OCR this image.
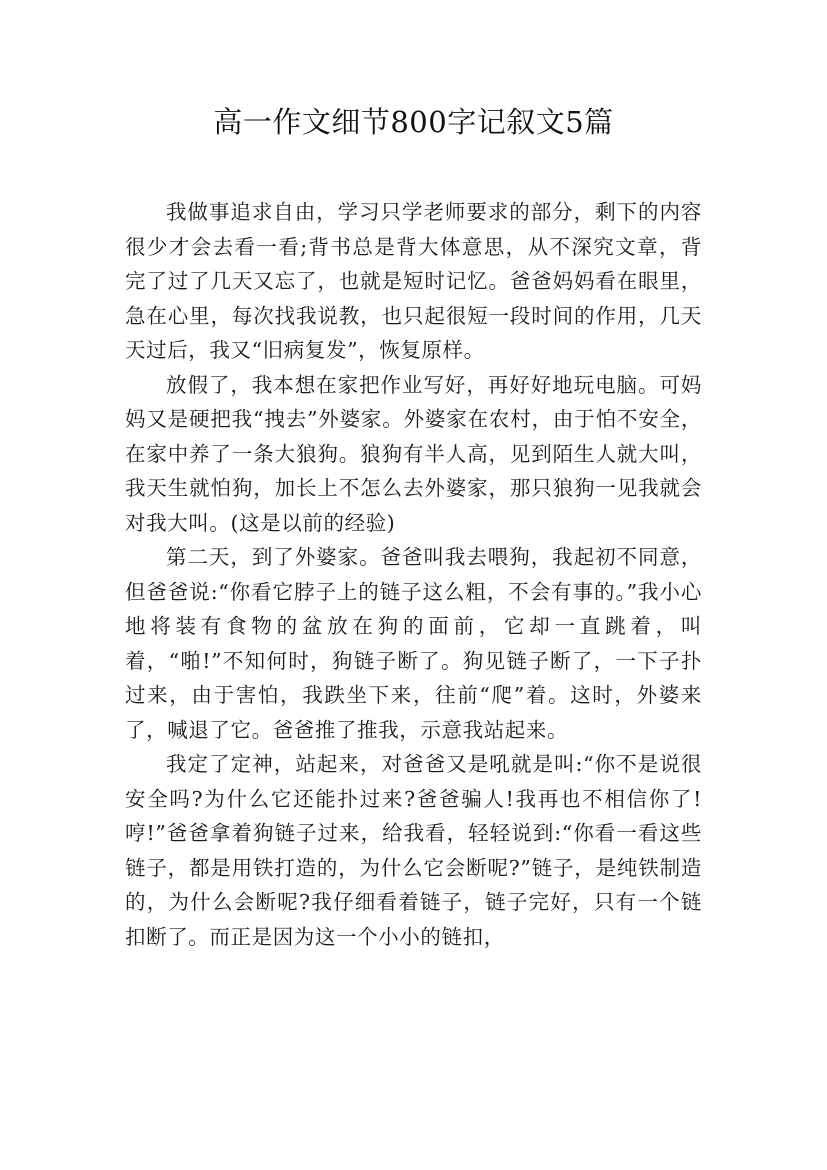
高一作文细节800字记叙文5篇

我做事追求自由，学习只学老师要求的部分，剩下的内容很少才会去看一看;背书总是背大体意思，从不深究文章，背完了过了几天又忘了，也就是短时记忆。爸爸妈妈看在眼里，急在心里，每次找我说教，也只起很短一段时间的作用，几天天过后，我又“旧病复发”，恢复原样。

放假了，我本想在家把作业写好，再好好地玩电脑。可妈妈又是硬把我“拽去”外婆家。外婆家在农村，由于怕不安全，在家中养了一条大狼狗。狼狗有半人高，见到陌生人就大叫，我天生就怕狗，加长上不怎么去外婆家，那只狼狗一见我就会对我大叫。(这是以前的经验)

第二天，到了外婆家。爸爸叫我去喂狗，我起初不同意，但爸爸说:“你看它脖子上的链子这么粗，不会有事的。”我小心地将装有食物的盆放在狗的面前，它却一直跳着，叫着，“啪!”不知何时，狗链子断了。狗见链子断了，一下子扑过来，由于害怕，我跌坐下来，往前“爬”着。这时，外婆来了，喊退了它。爸爸推了推我，示意我站起来。

我定了定神，站起来，对爸爸又是吼就是叫:“你不是说很安全吗?为什么它还能扑过来?爸爸骗人!我再也不相信你了!哼!”爸爸拿着狗链子过来，给我看，轻轻说到:“你看一看这些链子，都是用铁打造的，为什么它会断呢?”链子，是纯铁制造的，为什么会断呢?我仔细看着链子，链子完好，只有一个链扣断了。而正是因为这一个小小的链扣，
